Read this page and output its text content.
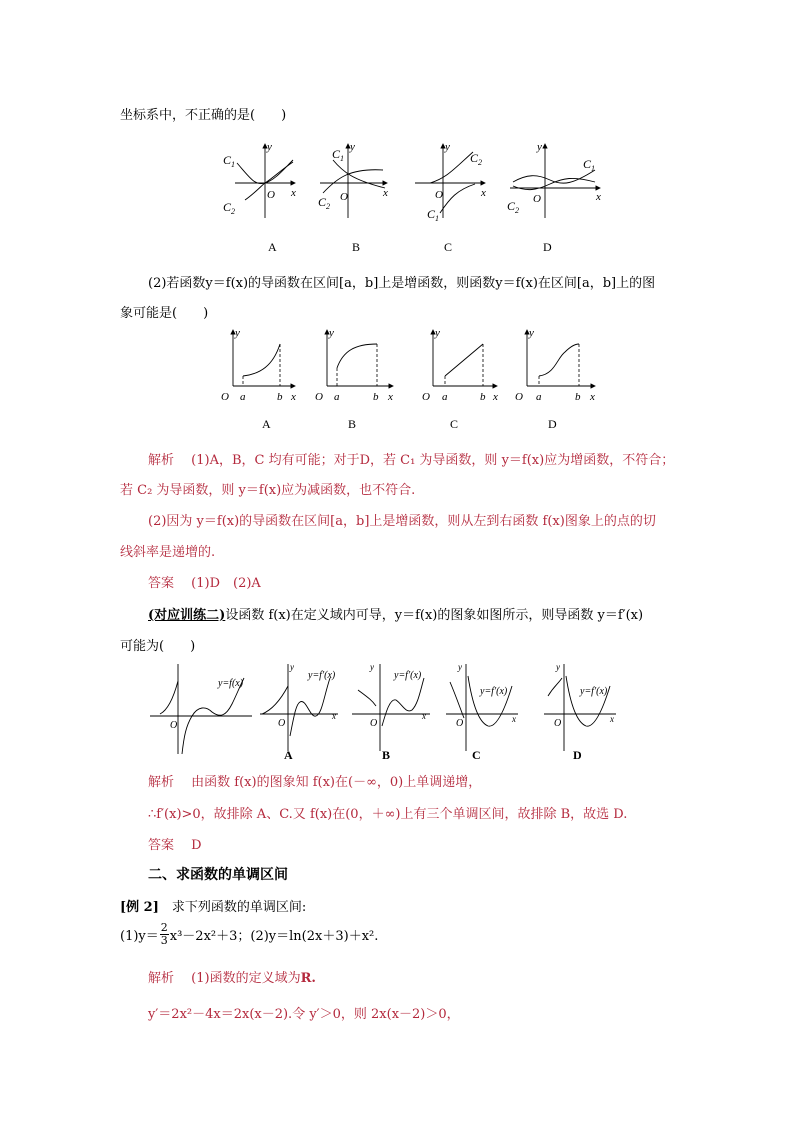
坐标系中，不正确的是(　　)
$C_1$
$C_2$
y
O x
$C_1$
$C_2$
y
O	x
$C_2$
$C_1$
y
O	x
$C_1$
$C_2$
y
O	x
A	B	C	D
(2)若函数y＝f(x)的导函数在区间[a，b]上是增函数，则函数y＝f(x)在区间[a，b]上的图
象可能是(　　)
y
O a	b x
y
O a	b x
y
O a	b x
y
O a	b x
A	B	C	D
解析　 (1)A，B，C 均有可能；对于D，若 C₁ 为导函数，则 y＝f(x)应为增函数，不符合；
若 C₂ 为导函数，则 y＝f(x)应为减函数，也不符合.
(2)因为 y＝f(x)的导函数在区间[a，b]上是增函数，则从左到右函数 f(x)图象上的点的切
线斜率是递增的.
答案　 (1)D　(2)A
(对应训练二)设函数 f(x)在定义域内可导，y＝f(x)的图象如图所示，则导函数 y＝f′(x)
可能为(　　)
O
y=f(x)
O
x
y=f′(x)
y
O
x
y=f′(x)
y
O	x
y=f′(x)
y
O	x
y=f′(x)
y
A	B	C	D
解析　 由函数 f(x)的图象知 f(x)在(－∞，0)上单调递增，
∴f′(x)>0，故排除 A、C.又 f(x)在(0，＋∞)上有三个单调区间，故排除 B，故选 D.
答案　 D
二、求函数的单调区间
[例 2]　 求下列函数的单调区间:
$(1)y= \frac{2}{3} x^3-2x^2+3$；(2)y＝ln(2x＋3)＋x².
解析　 (1)函数的定义域为R.
y′＝2x²－4x＝2x(x－2).令 y′＞0，则 2x(x－2)＞0，
